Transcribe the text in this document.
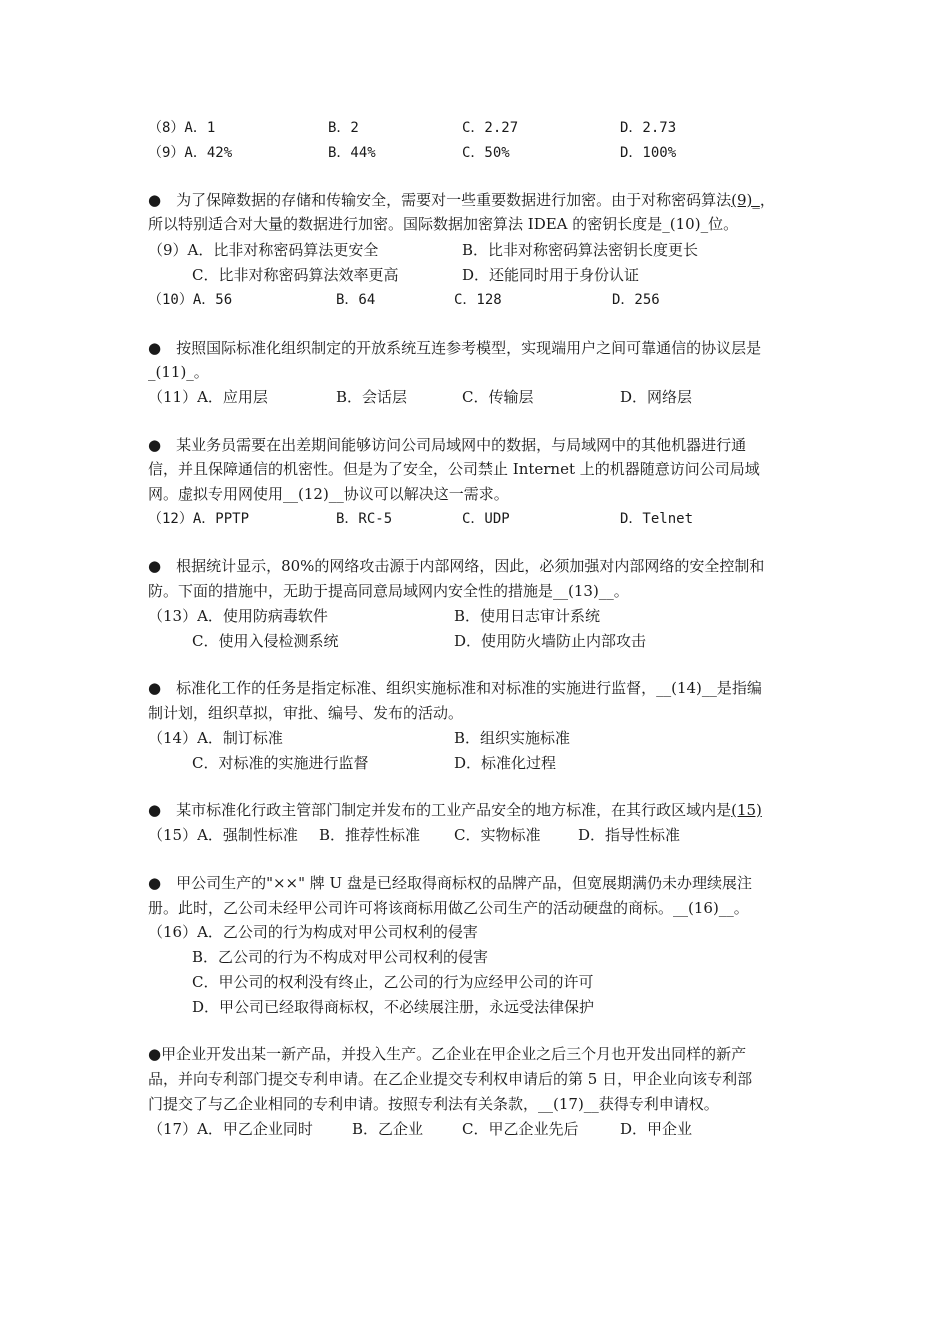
（8）A．1	B．2	C．2.27	D．2.73
（9）A．42%	B．44%	C．50%	D．100%
●　为了保障数据的存储和传输安全，需要对一些重要数据进行加密。由于对称密码算法(9)_，
所以特别适合对大量的数据进行加密。国际数据加密算法 IDEA 的密钥长度是_(10)_位。
（9）A．比非对称密码算法更安全	B．比非对称密码算法密钥长度更长
C．比非对称密码算法效率更高	D．还能同时用于身份认证
（10）A．56	B．64	C．128	D．256
●　按照国际标准化组织制定的开放系统互连参考模型，实现端用户之间可靠通信的协议层是
_(11)_。
（11）A．应用层	B．会话层	C．传输层	D．网络层
●　某业务员需要在出差期间能够访问公司局域网中的数据，与局域网中的其他机器进行通
信，并且保障通信的机密性。但是为了安全，公司禁止 Internet 上的机器随意访问公司局域
网。虚拟专用网使用__(12)__协议可以解决这一需求。
（12）A．PPTP	B．RC-5	C．UDP	D．Telnet
●　根据统计显示，80%的网络攻击源于内部网络，因此，必须加强对内部网络的安全控制和
防。下面的措施中，无助于提高同意局域网内安全性的措施是__(13)__。
（13）A．使用防病毒软件	B．使用日志审计系统
C．使用入侵检测系统	D．使用防火墙防止内部攻击
●　标准化工作的任务是指定标准、组织实施标准和对标准的实施进行监督，__(14)__是指编
制计划，组织草拟，审批、编号、发布的活动。
（14）A．制订标准	B．组织实施标准
C．对标准的实施进行监督	D．标准化过程
●　某市标准化行政主管部门制定并发布的工业产品安全的地方标准，在其行政区域内是(15)
（15）A．强制性标准 B．推荐性标准 C．实物标准	D．指导性标准
●　甲公司生产的"××" 牌 U 盘是已经取得商标权的品牌产品，但宽展期满仍未办理续展注
册。此时，乙公司未经甲公司许可将该商标用做乙公司生产的活动硬盘的商标。__(16)__。
（16）A．乙公司的行为构成对甲公司权利的侵害
B．乙公司的行为不构成对甲公司权利的侵害
C．甲公司的权利没有终止，乙公司的行为应经甲公司的许可
D．甲公司已经取得商标权，不必续展注册，永远受法律保护
●甲企业开发出某一新产品，并投入生产。乙企业在甲企业之后三个月也开发出同样的新产
品，并向专利部门提交专利申请。在乙企业提交专利权申请后的第 5 日，甲企业向该专利部
门提交了与乙企业相同的专利申请。按照专利法有关条款，__(17)__获得专利申请权。
（17）A．甲乙企业同时	B．乙企业	C．甲乙企业先后	D．甲企业
